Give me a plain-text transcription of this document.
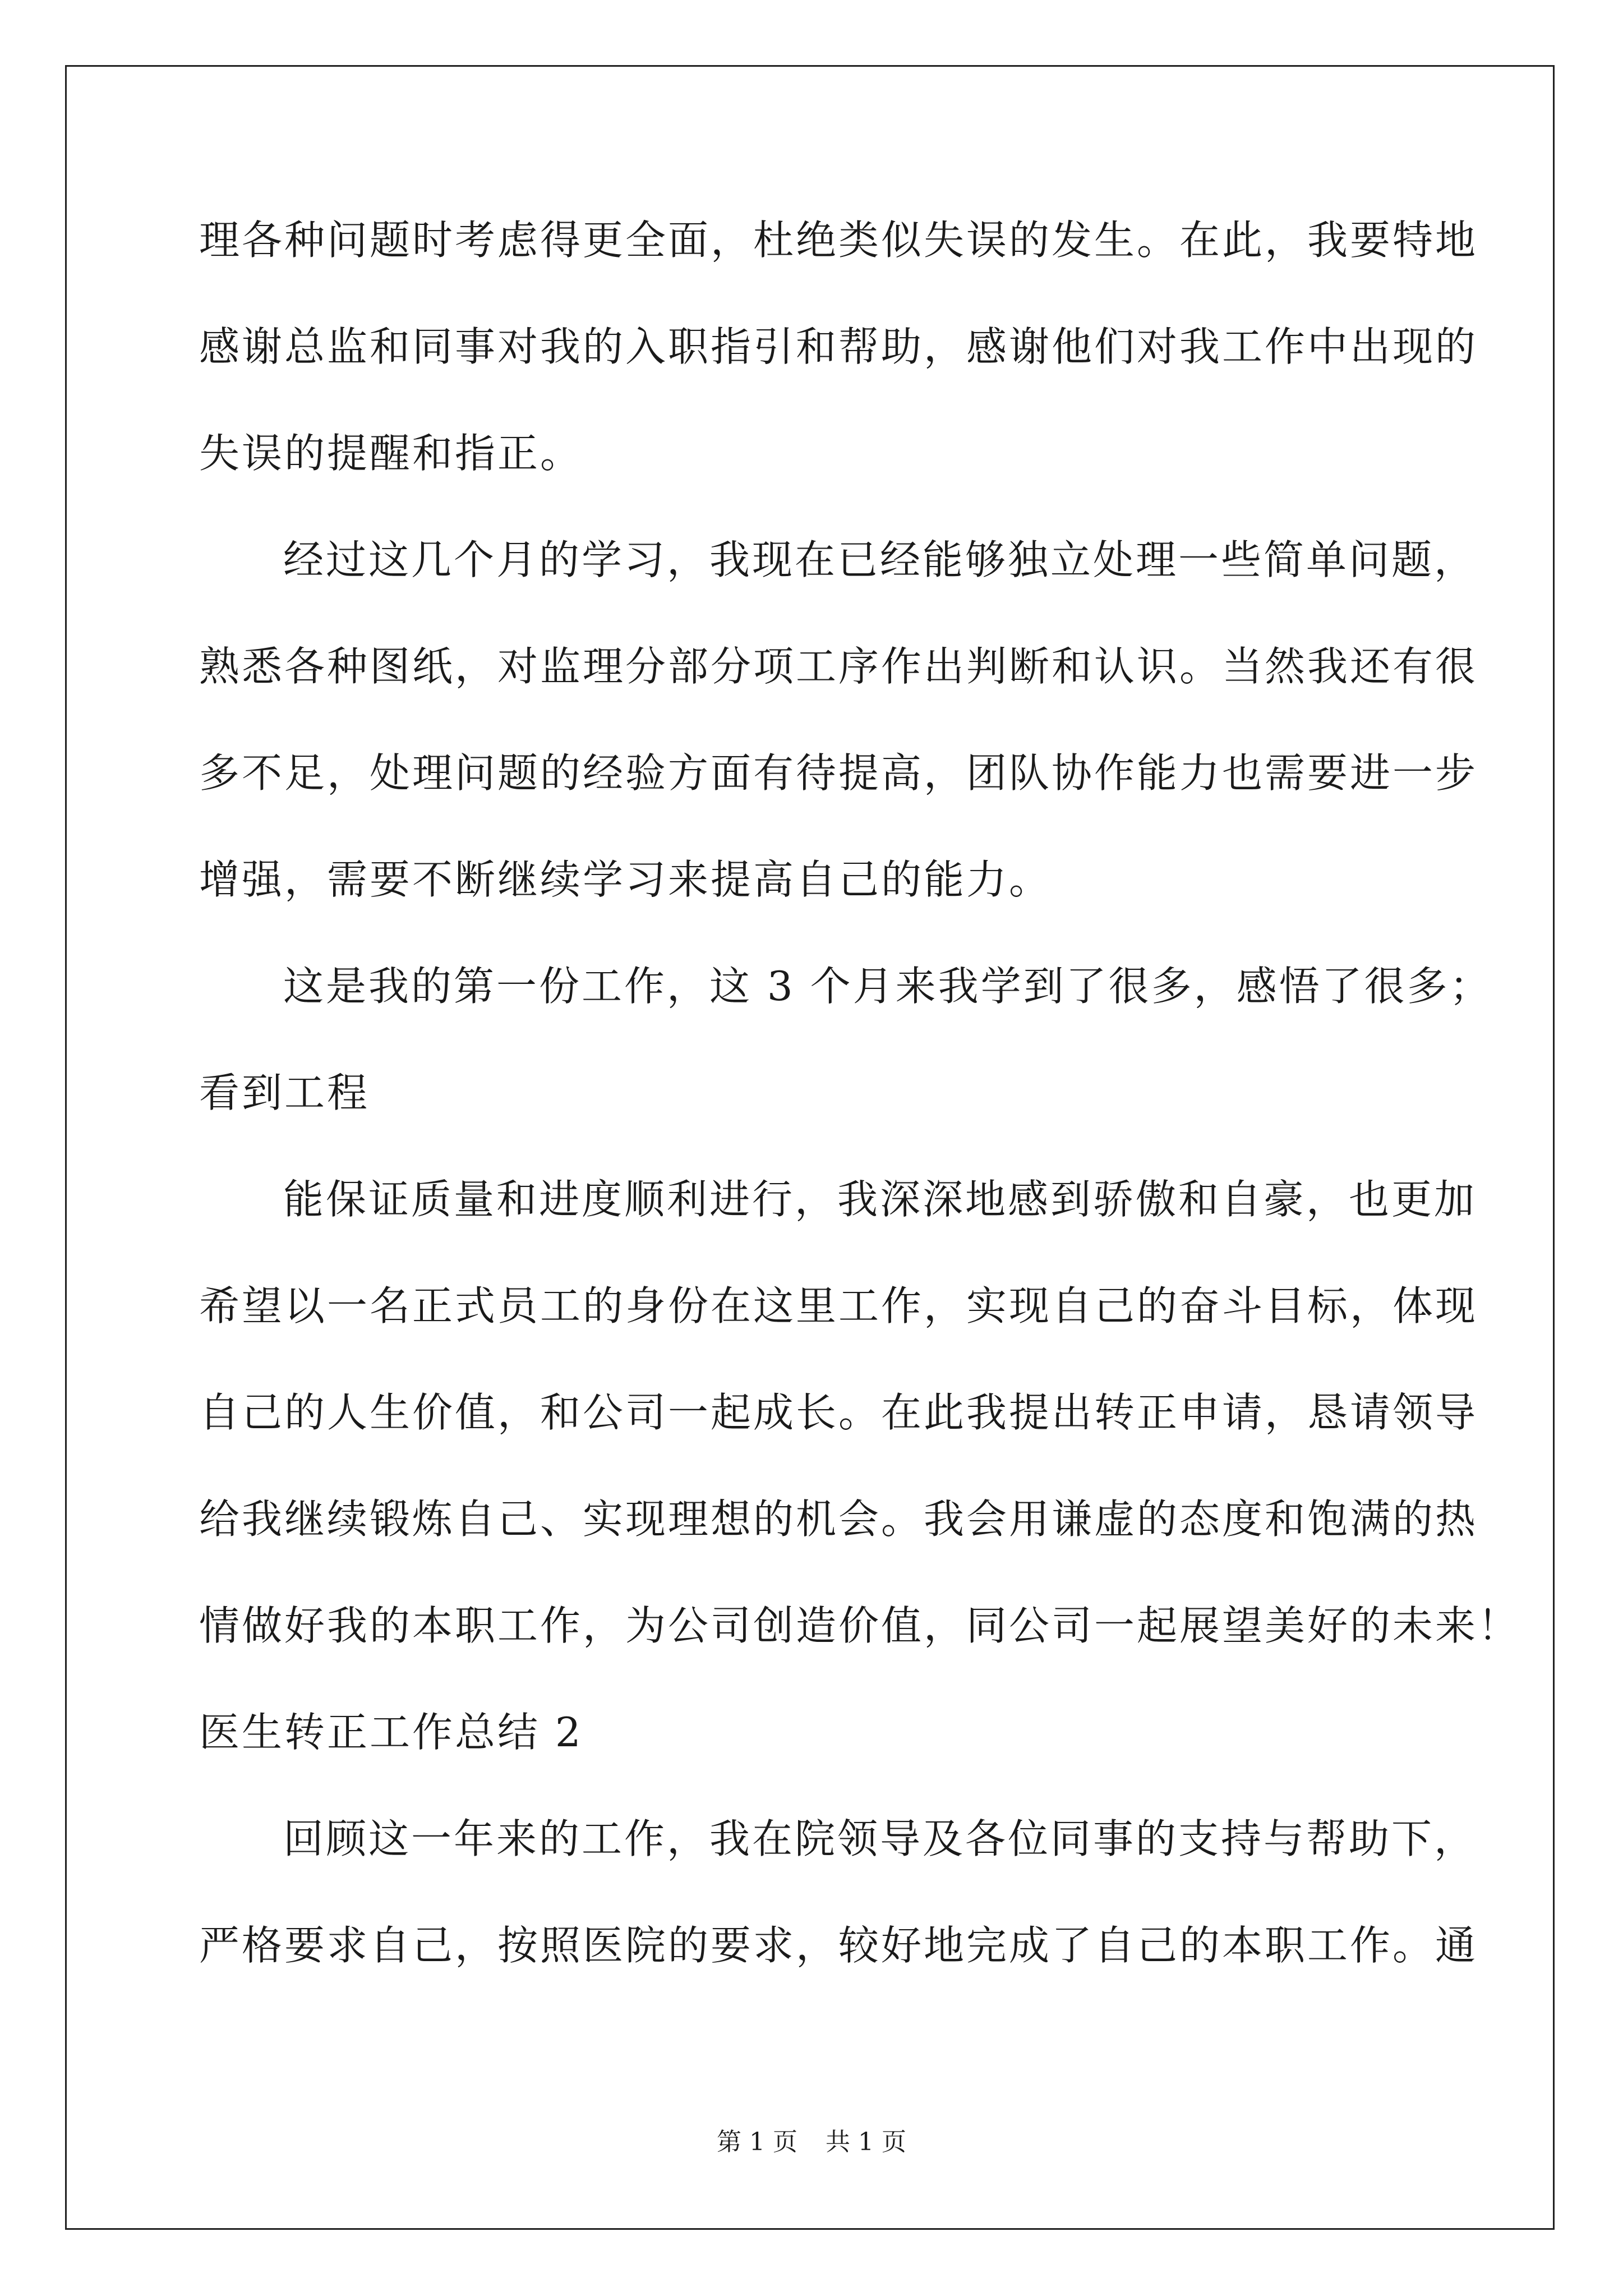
理各种问题时考虑得更全面，杜绝类似失误的发生。在此，我要特地
感谢总监和同事对我的入职指引和帮助，感谢他们对我工作中出现的
失误的提醒和指正。
经过这几个月的学习，我现在已经能够独立处理一些简单问题，
熟悉各种图纸，对监理分部分项工序作出判断和认识。当然我还有很
多不足，处理问题的经验方面有待提高，团队协作能力也需要进一步
增强，需要不断继续学习来提高自己的能力。
这是我的第一份工作，这 3 个月来我学到了很多，感悟了很多；
看到工程
能保证质量和进度顺利进行，我深深地感到骄傲和自豪，也更加
希望以一名正式员工的身份在这里工作，实现自己的奋斗目标，体现
自己的人生价值，和公司一起成长。在此我提出转正申请，恳请领导
给我继续锻炼自己、实现理想的机会。我会用谦虚的态度和饱满的热
情做好我的本职工作，为公司创造价值，同公司一起展望美好的未来！
医生转正工作总结 2
回顾这一年来的工作，我在院领导及各位同事的支持与帮助下，
严格要求自己，按照医院的要求，较好地完成了自己的本职工作。通
第 1 页 共 1 页
